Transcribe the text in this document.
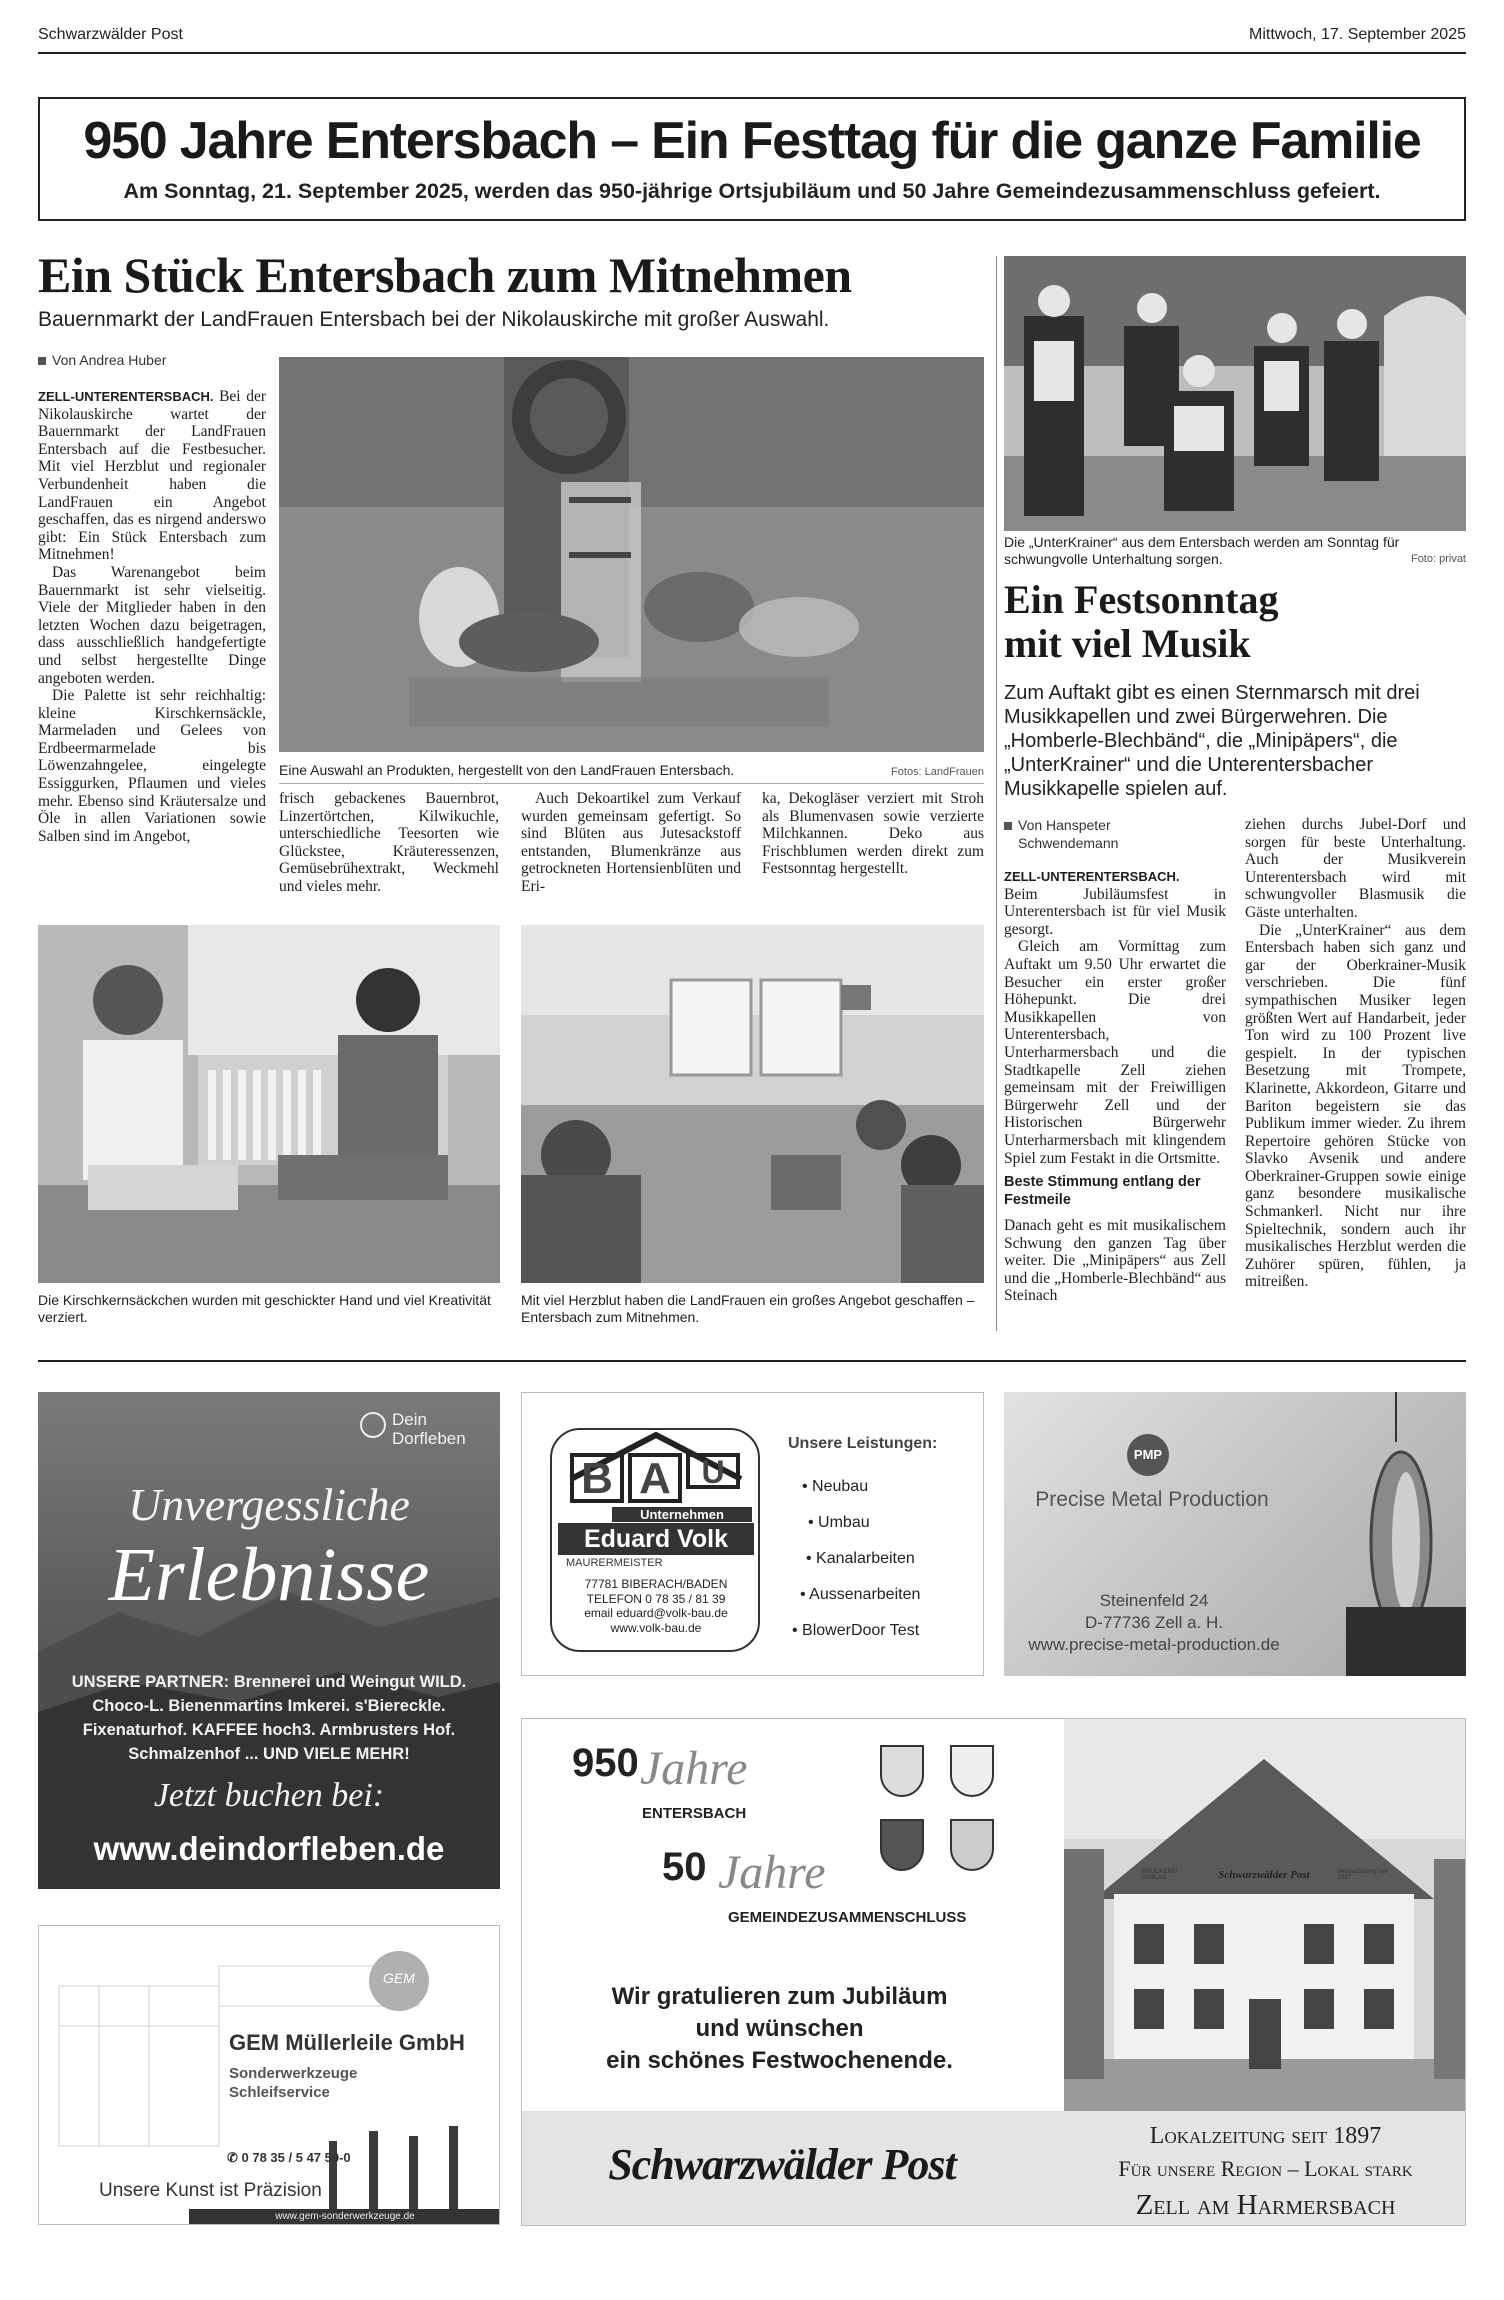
Schwarzwälder Post	Mittwoch, 17. September 2025
950 Jahre Entersbach – Ein Festtag für die ganze Familie
Am Sonntag, 21. September 2025, werden das 950-jährige Ortsjubiläum und 50 Jahre Gemeindezusammenschluss gefeiert.
Ein Stück Entersbach zum Mitnehmen
Bauernmarkt der LandFrauen Entersbach bei der Nikolauskirche mit großer Auswahl.
Von Andrea Huber

ZELL-UNTERENTERSBACH. Bei der Nikolauskirche wartet der Bauernmarkt der LandFrauen Entersbach auf die Festbesucher. Mit viel Herzblut und regionaler Verbundenheit haben die LandFrauen ein Angebot geschaffen, das es nirgend anderswo gibt: Ein Stück Entersbach zum Mitnehmen!

Das Warenangebot beim Bauernmarkt ist sehr vielseitig. Viele der Mitglieder haben in den letzten Wochen dazu beigetragen, dass ausschließlich handgefertigte und selbst hergestellte Dinge angeboten werden.

Die Palette ist sehr reichhaltig: kleine Kirschkernsäckle, Marmeladen und Gelees von Erdbeermarmelade bis Löwenzahngelee, eingelegte Essiggurken, Pflaumen und vieles mehr. Ebenso sind Kräutersalze und Öle in allen Variationen sowie Salben sind im Angebot,

Eine Auswahl an Produkten, hergestellt von den LandFrauen Entersbach.	Fotos: LandFrauen

frisch gebackenes Bauernbrot, Linzertörtchen, Kilwikuchle, unterschiedliche Teesorten wie Glückstee, Kräuteressenzen, Gemüsebrühextrakt, Weckmehl und vieles mehr.

Auch Dekoartikel zum Verkauf wurden gemeinsam gefertigt. So sind Blüten aus Jutesackstoff entstanden, Blumenkränze aus getrockneten Hortensienblüten und Eri-

ka, Dekogläser verziert mit Stroh als Blumenvasen sowie verzierte Milchkannen. Deko aus Frischblumen werden direkt zum Festsonntag hergestellt.

Die Kirschkernsäckchen wurden mit geschickter Hand und viel Kreativität verziert.
Mit viel Herzblut haben die LandFrauen ein großes Angebot geschaffen – Entersbach zum Mitnehmen.
Die „UnterKrainer“ aus dem Entersbach werden am Sonntag für schwungvolle Unterhaltung sorgen.	Foto: privat
Ein Festsonntag
mit viel Musik
Zum Auftakt gibt es einen Sternmarsch mit drei Musikkapellen und zwei Bürgerwehren. Die „Homberle-Blechbänd“, die „Minipäpers“, die „UnterKrainer“ und die Unterentersbacher Musikkapelle spielen auf.
Von Hanspeter
Schwendemann

ZELL-UNTERENTERSBACH.
Beim Jubiläumsfest in Unterentersbach ist für viel Musik gesorgt.

Gleich am Vormittag zum Auftakt um 9.50 Uhr erwartet die Besucher ein erster großer Höhepunkt. Die drei Musikkapellen von Unterentersbach, Unterharmersbach und die Stadtkapelle Zell ziehen gemeinsam mit der Freiwilligen Bürgerwehr Zell und der Historischen Bürgerwehr Unterharmersbach mit klingendem Spiel zum Festakt in die Ortsmitte.

Beste Stimmung entlang der Festmeile

Danach geht es mit musikalischem Schwung den ganzen Tag über weiter. Die „Minipäpers“ aus Zell und die „Homberle-Blechbänd“ aus Steinach

ziehen durchs Jubel-Dorf und sorgen für beste Unterhaltung. Auch der Musikverein Unterentersbach wird mit schwungvoller Blasmusik die Gäste unterhalten.

Die „UnterKrainer“ aus dem Entersbach haben sich ganz und gar der Oberkrainer-Musik verschrieben. Die fünf sympathischen Musiker legen größten Wert auf Handarbeit, jeder Ton wird zu 100 Prozent live gespielt. In der typischen Besetzung mit Trompete, Klarinette, Akkordeon, Gitarre und Bariton begeistern sie das Publikum immer wieder. Zu ihrem Repertoire gehören Stücke von Slavko Avsenik und andere Oberkrainer-Gruppen sowie einige ganz besondere musikalische Schmankerl. Nicht nur ihre Spieltechnik, sondern auch ihr musikalisches Herzblut werden die Zuhörer spüren, fühlen, ja mitreißen.

Dein
Dorfleben
Unvergessliche
Erlebnisse
UNSERE PARTNER: Brennerei und Weingut WILD.
Choco-L. Bienenmartins Imkerei. s'Biereckle.
Fixenaturhof. KAFFEE hoch3. Armbrusters Hof.
Schmalzenhof ... UND VIELE MEHR!
Jetzt buchen bei:
www.deindorfleben.de
B A U
Unternehmen
Eduard Volk
MAURERMEISTER
77781 BIBERACH/BADEN
TELEFON 0 78 35 / 81 39
email eduard@volk-bau.de
www.volk-bau.de
Unsere Leistungen:
• Neubau
• Umbau
• Kanalarbeiten
• Aussenarbeiten
• BlowerDoor Test
PMP
Precise Metal Production
Steinenfeld 24
D-77736 Zell a. H.
www.precise-metal-production.de
GEM
GEM Müllerleile GmbH
Sonderwerkzeuge
Schleifservice
✆ 0 78 35 / 5 47 59-0
Unsere Kunst ist Präzision
www.gem-sonderwerkzeuge.de
950 Jahre
ENTERSBACH
50 Jahre
GEMEINDEZUSAMMENSCHLUSS
Wir gratulieren zum Jubiläum
und wünschen
ein schönes Festwochenende.
Schwarzwälder Post
DRUCKEREI VERLAG
Heimatzeitung seit 1897
Schwarzwälder Post
Lokalzeitung seit 1897
Für unsere Region – Lokal stark
Zell am Harmersbach
